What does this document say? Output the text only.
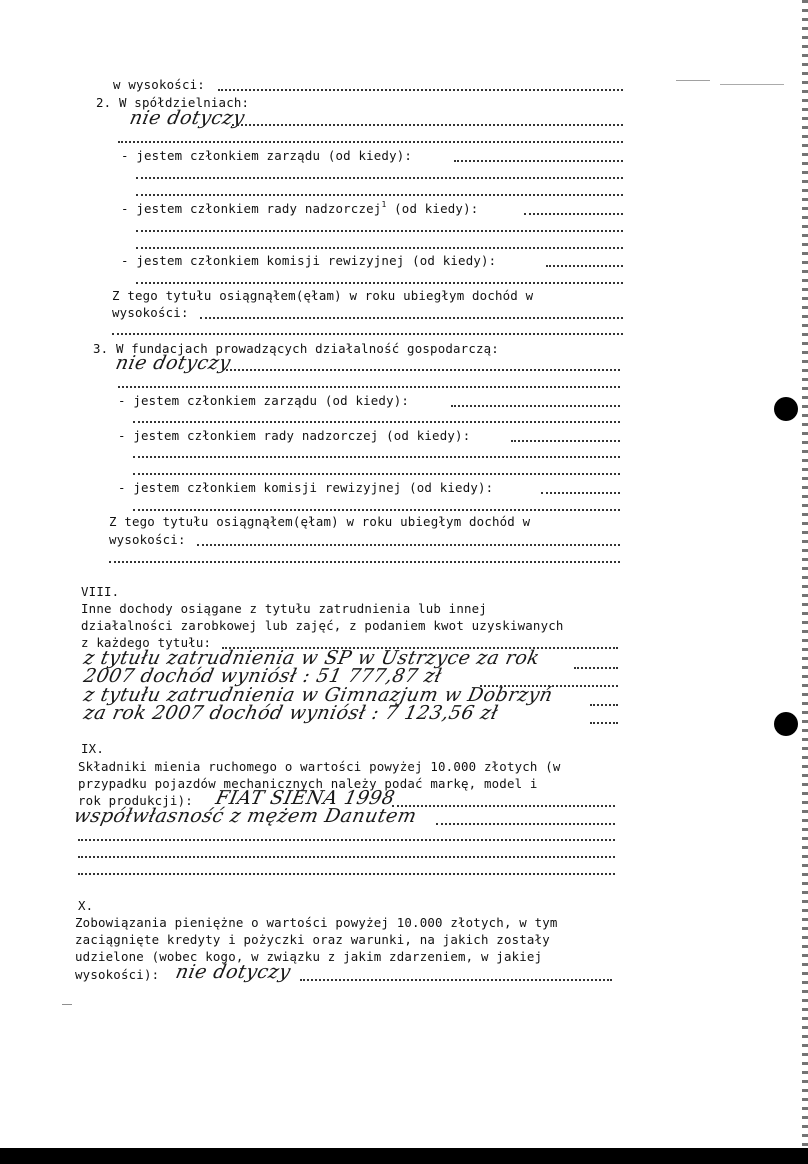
w wysokości:
2. W spółdzielniach:
nie dotyczy
- jestem członkiem zarządu (od kiedy):
- jestem członkiem rady nadzorczej$^1$ (od kiedy):
- jestem członkiem komisji rewizyjnej (od kiedy):
Z tego tytułu osiągnąłem(ęłam) w roku ubiegłym dochód w
wysokości:
3. W fundacjach prowadzących działalność gospodarczą:
nie dotyczy
- jestem członkiem zarządu (od kiedy):
- jestem członkiem rady nadzorczej (od kiedy):
- jestem członkiem komisji rewizyjnej (od kiedy):
Z tego tytułu osiągnąłem(ęłam) w roku ubiegłym dochód w
wysokości:
VIII.
Inne dochody osiągane z tytułu zatrudnienia lub innej
działalności zarobkowej lub zajęć, z podaniem kwot uzyskiwanych
z każdego tytułu:
z tytułu zatrudnienia w SP w Ustrzyce za rok
2007 dochód wyniósł : 51 777,87 zł
z tytułu zatrudnienia w Gimnazjum w Dobrzyń
za rok 2007 dochód wyniósł : 7 123,56 zł
IX.
Składniki mienia ruchomego o wartości powyżej 10.000 złotych (w
przypadku pojazdów mechanicznych należy podać markę, model i
rok produkcji): FIAT SIENA 1998
współwłasność z mężem Danutem
X.
Zobowiązania pieniężne o wartości powyżej 10.000 złotych, w tym
zaciągnięte kredyty i pożyczki oraz warunki, na jakich zostały
udzielone (wobec kogo, w związku z jakim zdarzeniem, w jakiej
wysokości): nie dotyczy
